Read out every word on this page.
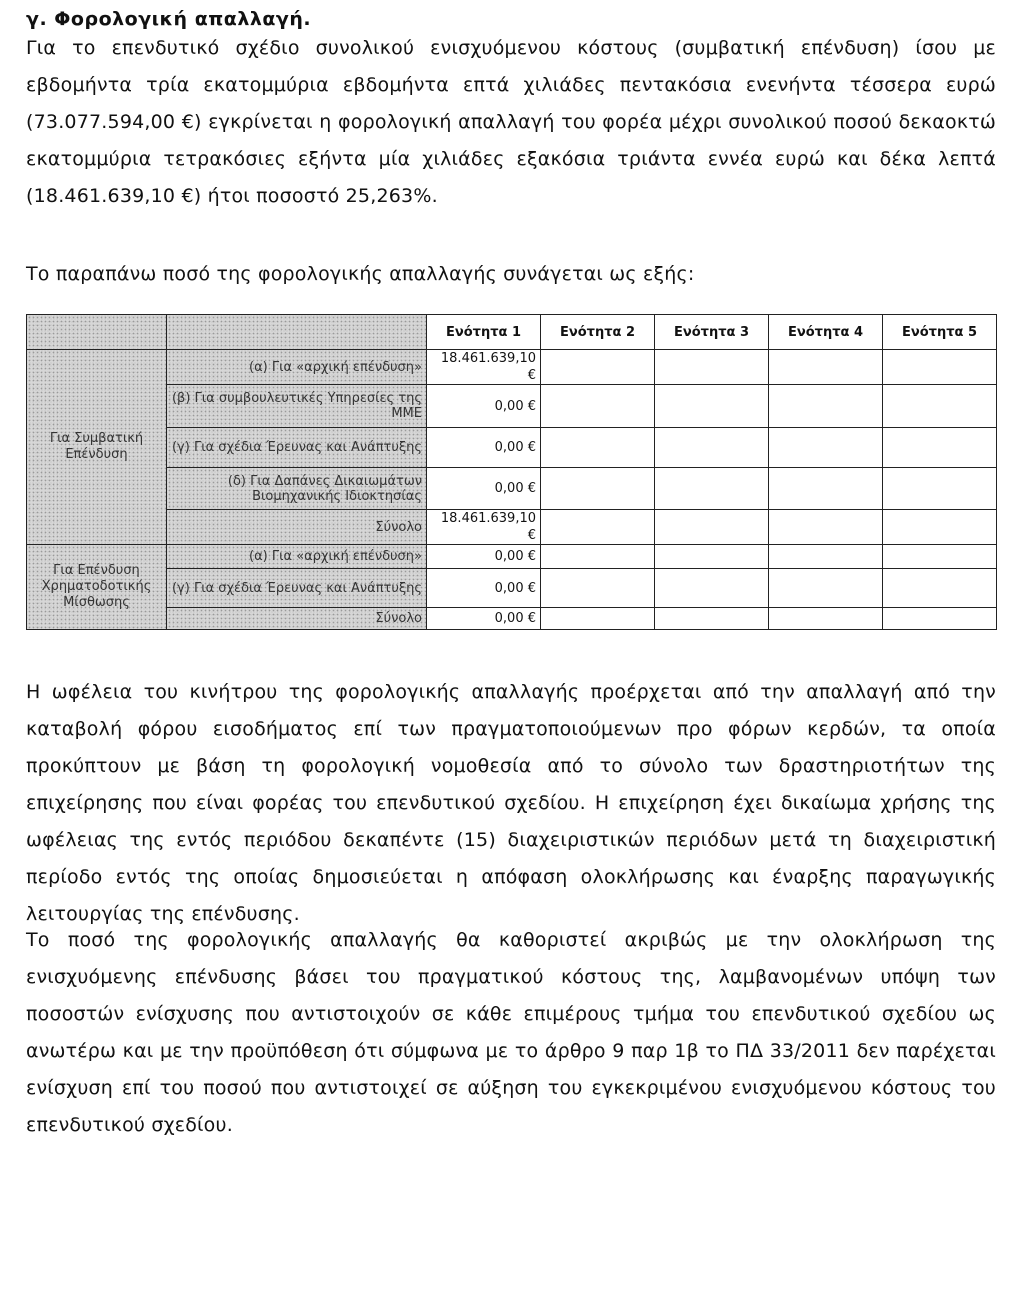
γ. Φορολογική απαλλαγή.
Για το επενδυτικό σχέδιο συνολικού ενισχυόμενου κόστους (συμβατική επένδυση) ίσου με εβδομήντα τρία εκατομμύρια εβδομήντα επτά χιλιάδες πεντακόσια ενενήντα τέσσερα ευρώ (73.077.594,00 €) εγκρίνεται η φορολογική απαλλαγή του φορέα μέχρι συνολικού ποσού δεκαοκτώ εκατομμύρια τετρακόσιες εξήντα μία χιλιάδες εξακόσια τριάντα εννέα ευρώ και δέκα λεπτά (18.461.639,10 €) ήτοι ποσοστό 25,263%.
Το παραπάνω ποσό της φορολογικής απαλλαγής συνάγεται ως εξής:
		Ενότητα 1	Ενότητα 2	Ενότητα 3	Ενότητα 4	Ενότητα 5
Για Συμβατική Επένδυση	(α) Για «αρχική επένδυση»	18.461.639,10 €				
	(β) Για συμβουλευτικές Υπηρεσίες της ΜΜΕ	0,00 €				
	(γ) Για σχέδια Έρευνας και Ανάπτυξης	0,00 €				
	(δ) Για Δαπάνες Δικαιωμάτων Βιομηχανικής Ιδιοκτησίας	0,00 €				
	Σύνολο	18.461.639,10 €				
Για Επένδυση Χρηματοδοτικής Μίσθωσης	(α) Για «αρχική επένδυση»	0,00 €				
	(γ) Για σχέδια Έρευνας και Ανάπτυξης	0,00 €				
	Σύνολο	0,00 €				
Η ωφέλεια του κινήτρου της φορολογικής απαλλαγής προέρχεται από την απαλλαγή από την καταβολή φόρου εισοδήματος επί των πραγματοποιούμενων προ φόρων κερδών, τα οποία προκύπτουν με βάση τη φορολογική νομοθεσία από το σύνολο των δραστηριοτήτων της επιχείρησης που είναι φορέας του επενδυτικού σχεδίου. Η επιχείρηση έχει δικαίωμα χρήσης της ωφέλειας της εντός περιόδου δεκαπέντε (15) διαχειριστικών περιόδων μετά τη διαχειριστική περίοδο εντός της οποίας δημοσιεύεται η απόφαση ολοκλήρωσης και έναρξης παραγωγικής λειτουργίας της επένδυσης.
Το ποσό της φορολογικής απαλλαγής θα καθοριστεί ακριβώς με την ολοκλήρωση της ενισχυόμενης επένδυσης βάσει του πραγματικού κόστους της, λαμβανομένων υπόψη των ποσοστών ενίσχυσης που αντιστοιχούν σε κάθε επιμέρους τμήμα του επενδυτικού σχεδίου ως ανωτέρω και με την προϋπόθεση ότι σύμφωνα με το άρθρο 9 παρ 1β το ΠΔ 33/2011 δεν παρέχεται ενίσχυση επί του ποσού που αντιστοιχεί σε αύξηση του εγκεκριμένου ενισχυόμενου κόστους του επενδυτικού σχεδίου.
